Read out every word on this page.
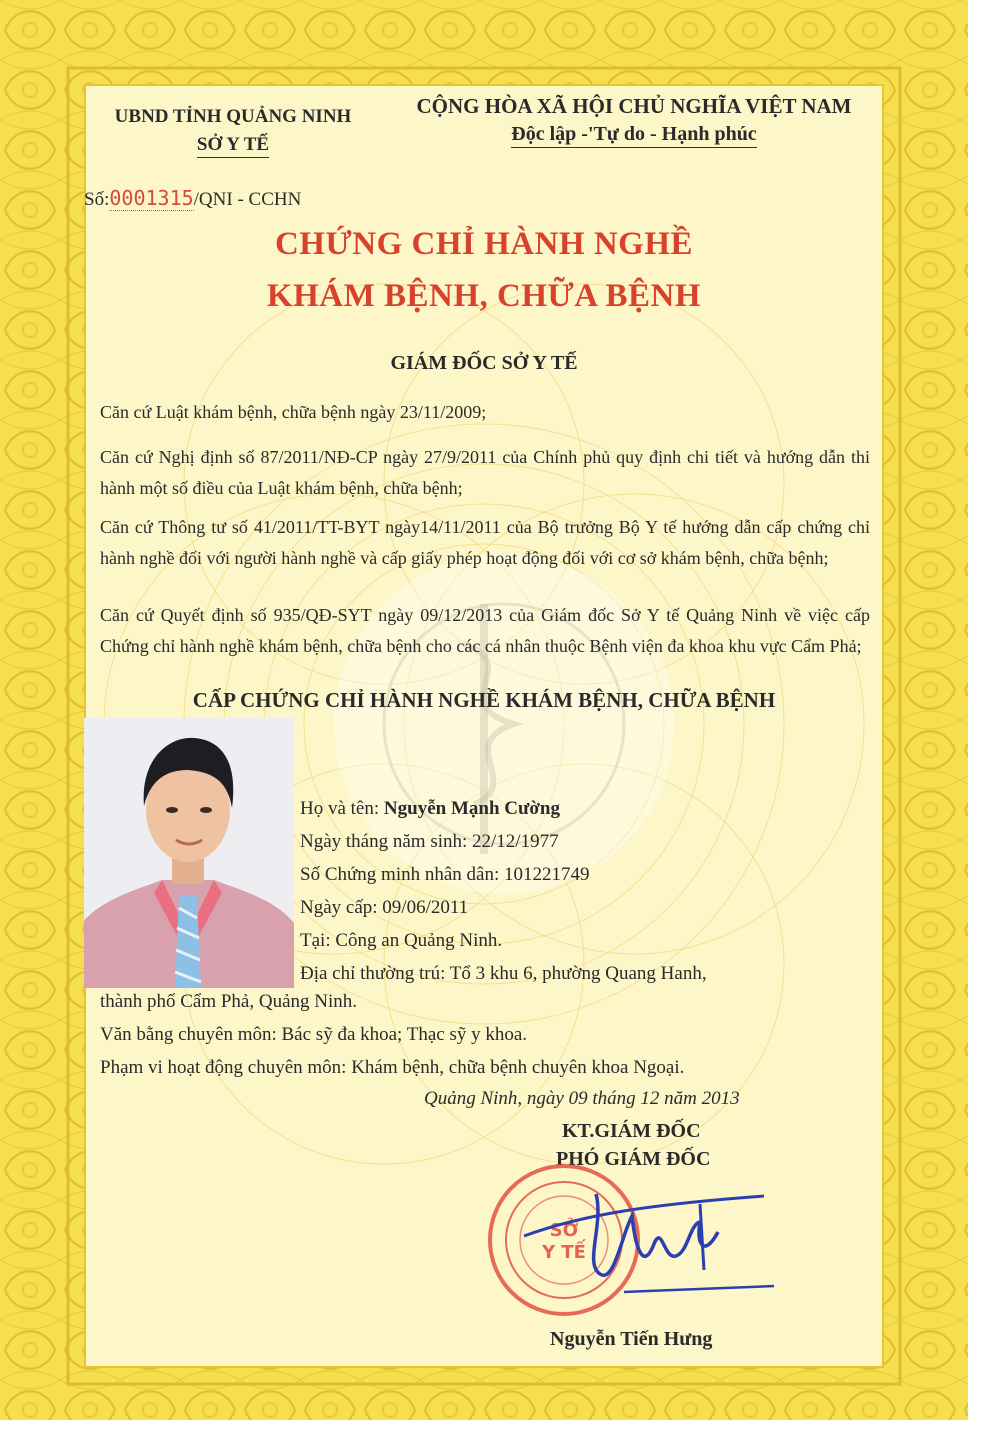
UBND TỈNH QUẢNG NINH
SỞ Y TẾ
CỘNG HÒA XÃ HỘI CHỦ NGHĨA VIỆT NAM
Độc lập -'Tự do - Hạnh phúc
Số:0001315/QNI - CCHN
CHỨNG CHỈ HÀNH NGHỀ
KHÁM BỆNH, CHỮA BỆNH
GIÁM ĐỐC SỞ Y TẾ
Căn cứ Luật khám bệnh, chữa bệnh ngày 23/11/2009;
Căn cứ Nghị định số 87/2011/NĐ-CP ngày 27/9/2011 của Chính phủ quy định chi tiết và hướng dẫn thi hành một số điều của Luật khám bệnh, chữa bệnh;
Căn cứ Thông tư số 41/2011/TT-BYT ngày14/11/2011 của Bộ trưởng Bộ Y tế hướng dẫn cấp chứng chỉ hành nghề đối với người hành nghề và cấp giấy phép hoạt động đối với cơ sở khám bệnh, chữa bệnh;
Căn cứ Quyết định số 935/QĐ-SYT ngày 09/12/2013 của Giám đốc Sở Y tế Quảng Ninh về việc cấp Chứng chỉ hành nghề khám bệnh, chữa bệnh cho các cá nhân thuộc Bệnh viện đa khoa khu vực Cẩm Phả;
CẤP CHỨNG CHỈ HÀNH NGHỀ KHÁM BỆNH, CHỮA BỆNH
Họ và tên: Nguyễn Mạnh Cường
Ngày tháng năm sinh: 22/12/1977
Số Chứng minh nhân dân: 101221749
Ngày cấp: 09/06/2011
Tại: Công an Quảng Ninh.
Địa chỉ thường trú: Tổ 3 khu 6, phường Quang Hanh,
thành phố Cẩm Phả, Quảng Ninh.
Văn bằng chuyên môn: Bác sỹ đa khoa; Thạc sỹ y khoa.
Phạm vi hoạt động chuyên môn: Khám bệnh, chữa bệnh chuyên khoa Ngoại.
Quảng Ninh, ngày 09 tháng 12 năm 2013
KT.GIÁM ĐỐC
PHÓ GIÁM ĐỐC
SỞ
Y TẾ
Nguyễn Tiến Hưng
